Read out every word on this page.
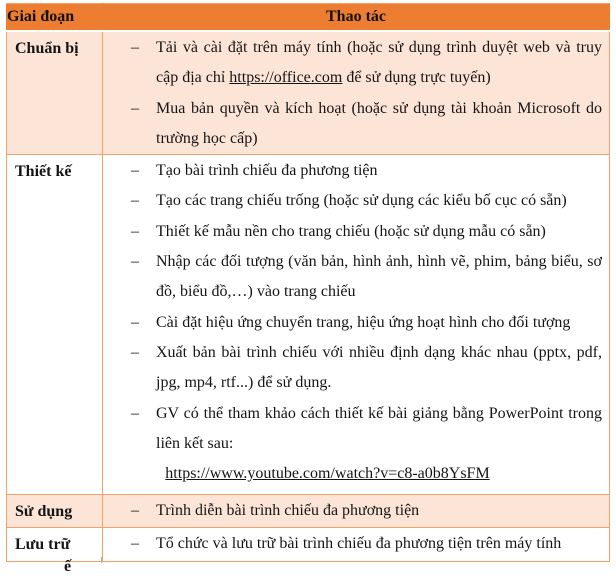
Giai đoạn	Thao tác
Chuẩn bị	– Tải và cài đặt trên máy tính (hoặc sử dụng trình duyệt web và truy cập địa chỉ https://office.com để sử dụng trực tuyến)
– Mua bản quyền và kích hoạt (hoặc sử dụng tài khoản Microsoft do trường học cấp)

Thiết kế	– Tạo bài trình chiếu đa phương tiện
– Tạo các trang chiếu trống (hoặc sử dụng các kiểu bố cục có sẵn)
– Thiết kế mẫu nền cho trang chiếu (hoặc sử dụng mẫu có sẵn)
– Nhập các đối tượng (văn bản, hình ảnh, hình vẽ, phim, bảng biểu, sơ đồ, biểu đồ,…) vào trang chiếu
– Cài đặt hiệu ứng chuyển trang, hiệu ứng hoạt hình cho đối tượng
– Xuất bản bài trình chiếu với nhiều định dạng khác nhau (pptx, pdf, jpg, mp4, rtf...) để sử dụng.
– GV có thể tham khảo cách thiết kế bài giảng bằng PowerPoint trong liên kết sau:
https://www.youtube.com/watch?v=c8-a0b8YsFM

Sử dụng	– Trình diễn bài trình chiếu đa phương tiện

Lưu trữ	– Tổ chức và lưu trữ bài trình chiếu đa phương tiện trên máy tính
ế
